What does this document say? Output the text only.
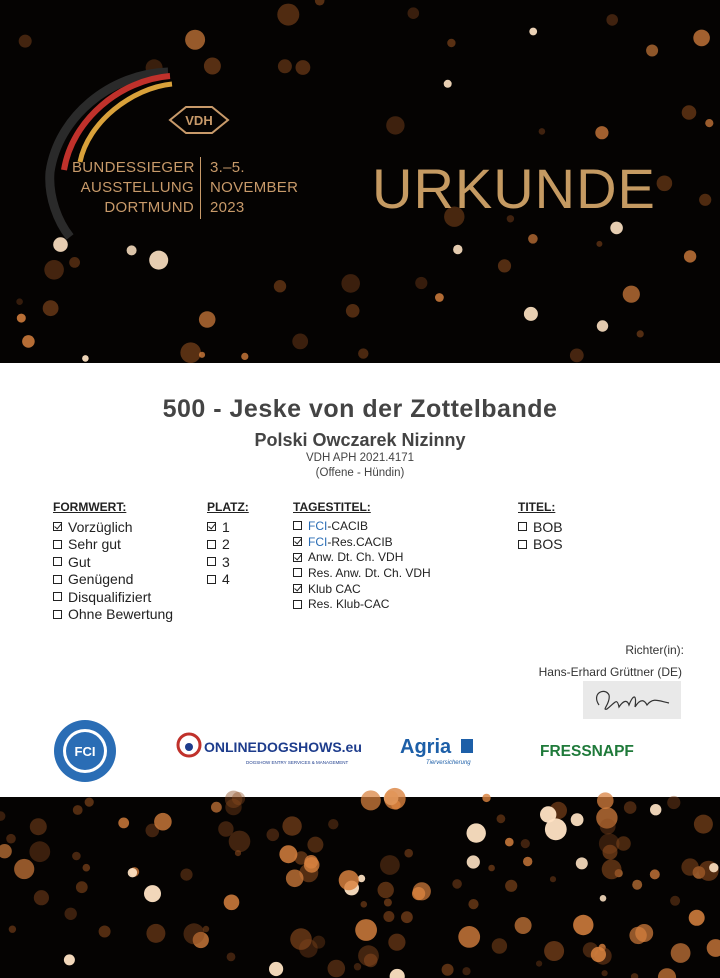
VDH
BUNDESSIEGER
AUSSTELLUNG
DORTMUND
3.–5.
NOVEMBER
2023	URKUNDE
500 - Jeske von der Zottelbande
Polski Owczarek Nizinny
VDH APH 2021.4171
(Offene - Hündin)
FORMWERT:
Vorzüglich
Sehr gut
Gut
Genügend
Disqualifiziert
Ohne Bewertung
PLATZ:
1
2
3
4
TAGESTITEL:
FCI -CACIB
FCI -Res.CACIB
Anw. Dt. Ch. VDH
Res. Anw. Dt. Ch. VDH
Klub CAC
Res. Klub-CAC
TITEL:
BOB
BOS
Richter(in):
Hans-Erhard Grüttner (DE)
FCI	ONLINEDOGSHOWS.eu
DOGSHOW ENTRY SERVICES & MANAGEMENT
Agria
Tierversicherung
FRESSNAPF
